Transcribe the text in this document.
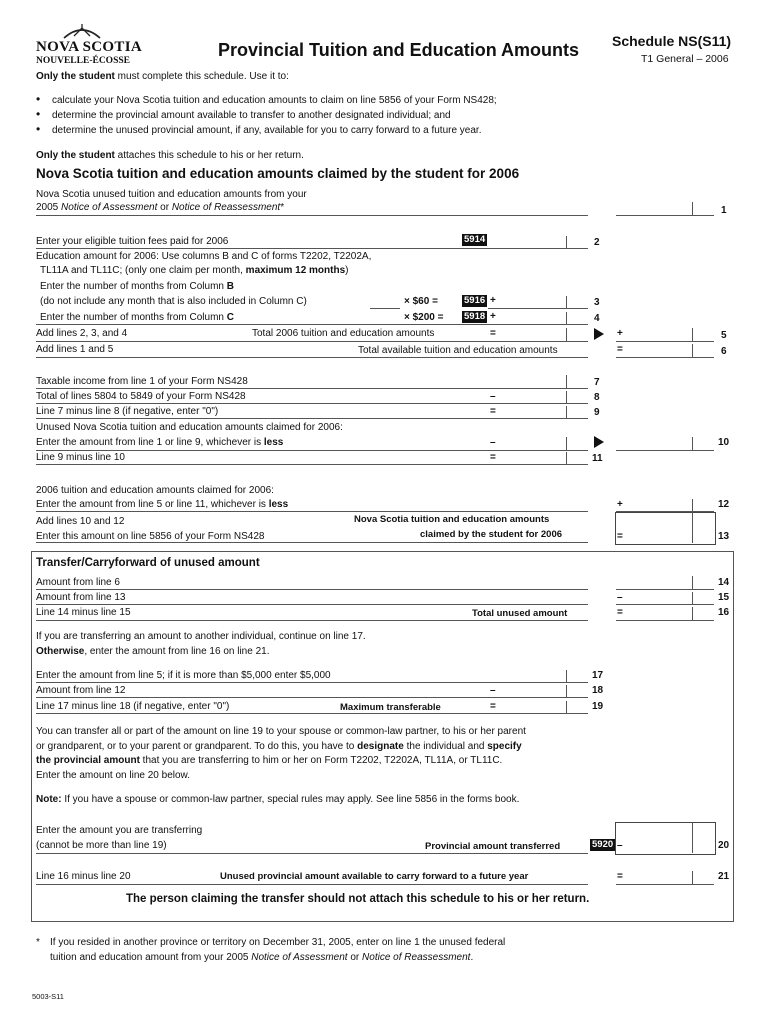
NOVA SCOTIA
NOUVELLE-ÉCOSSE
Provincial Tuition and Education Amounts Schedule NS(S11)
T1 General – 2006
Only the student must complete this schedule. Use it to:
• calculate your Nova Scotia tuition and education amounts to claim on line 5856 of your Form NS428;
• determine the provincial amount available to transfer to another designated individual; and
• determine the unused provincial amount, if any, available for you to carry forward to a future year.
Only the student attaches this schedule to his or her return.
Nova Scotia tuition and education amounts claimed by the student for 2006
Nova Scotia unused tuition and education amounts from your
2005 Notice of Assessment or Notice of Reassessment*	1
Enter your eligible tuition fees paid for 2006	5914	2
Education amount for 2006: Use columns B and C of forms T2202, T2202A,
TL11A and TL11C; (only one claim per month, maximum 12 months)
Enter the number of months from Column B
(do not include any month that is also included in Column C)	× $60 =	5916 +	3
Enter the number of months from Column C	× $200 = 5918 +	4
Add lines 2, 3, and 4	Total 2006 tuition and education amounts	=	+	5
Add lines 1 and 5	Total available tuition and education amounts	=	6
Taxable income from line 1 of your Form NS428	7
Total of lines 5804 to 5849 of your Form NS428	–	8
Line 7 minus line 8 (if negative, enter "0")	=	9
Unused Nova Scotia tuition and education amounts claimed for 2006:
Enter the amount from line 1 or line 9, whichever is less	–	10
Line 9 minus line 10	=	11
2006 tuition and education amounts claimed for 2006:
Enter the amount from line 5 or line 11, whichever is less	+	12
Add lines 10 and 12
Enter this amount on line 5856 of your Form NS428
Nova Scotia tuition and education amounts
claimed by the student for 2006	=	13
Transfer/Carryforward of unused amount
Amount from line 6	14
Amount from line 13	–	15
Line 14 minus line 15	Total unused amount	=	16
If you are transferring an amount to another individual, continue on line 17.
Otherwise, enter the amount from line 16 on line 21.
Enter the amount from line 5; if it is more than $5,000 enter $5,000	17
Amount from line 12	–	18
Line 17 minus line 18 (if negative, enter "0")	Maximum transferable	=	19
You can transfer all or part of the amount on line 19 to your spouse or common-law partner, to his or her parent
or grandparent, or to your parent or grandparent. To do this, you have to designate the individual and specify
the provincial amount that you are transferring to him or her on Form T2202, T2202A, TL11A, or TL11C.
Enter the amount on line 20 below.
Note: If you have a spouse or common-law partner, special rules may apply. See line 5856 in the forms book.
Enter the amount you are transferring
(cannot be more than line 19)	Provincial amount transferred	5920 –	20
Line 16 minus line 20	Unused provincial amount available to carry forward to a future year	=	21
The person claiming the transfer should not attach this schedule to his or her return.
* If you resided in another province or territory on December 31, 2005, enter on line 1 the unused federal
tuition and education amount from your 2005 Notice of Assessment or Notice of Reassessment.
5003-S11
